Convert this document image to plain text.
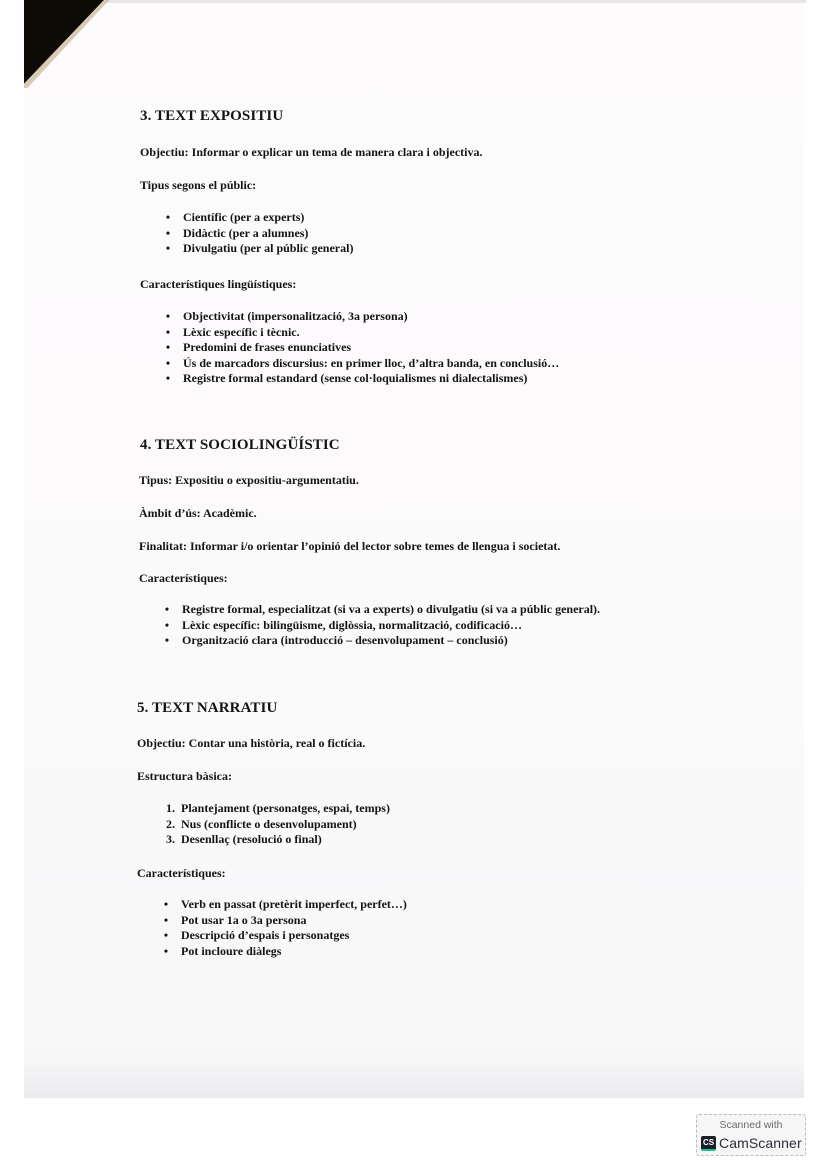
3. TEXT EXPOSITIU

Objectiu: Informar o explicar un tema de manera clara i objectiva.

Tipus segons el públic:

• Científic (per a experts)
• Didàctic (per a alumnes)
• Divulgatiu (per al públic general)

Característiques lingüístiques:

• Objectivitat (impersonalització, 3a persona)
• Lèxic específic i tècnic.
• Predomini de frases enunciatives
• Ús de marcadors discursius: en primer lloc, d’altra banda, en conclusió…
• Registre formal estandard (sense col·loquialismes ni dialectalismes)
4. TEXT SOCIOLINGÜÍSTIC

Tipus: Expositiu o expositiu-argumentatiu.

Àmbit d’ús: Acadèmic.

Finalitat: Informar i/o orientar l’opinió del lector sobre temes de llengua i societat.

Característiques:

• Registre formal, especialitzat (si va a experts) o divulgatiu (si va a públic general).
• Lèxic específic: bilingüisme, diglòssia, normalització, codificació…
• Organització clara (introducció – desenvolupament – conclusió)
5. TEXT NARRATIU

Objectiu: Contar una història, real o fictícia.

Estructura bàsica:

1. Plantejament (personatges, espai, temps)
2. Nus (conflicte o desenvolupament)
3. Desenllaç (resolució o final)

Característiques:

• Verb en passat (pretèrit imperfect, perfet…)
• Pot usar 1a o 3a persona
• Descripció d’espais i personatges
• Pot incloure diàlegs
Scanned with
CS CamScanner
